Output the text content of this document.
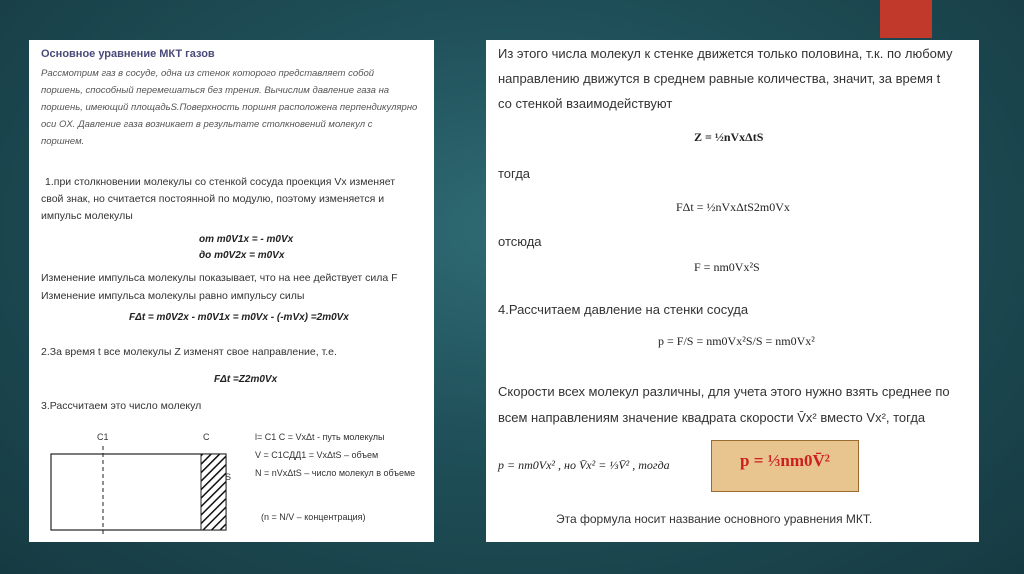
Основное уравнение МКТ газов
Рассмотрим газ в сосуде, одна из стенок которого представляет собой
поршень, способный перемешаться без трения. Вычислим давление газа на
поршень, имеющий площадьS.Поверхность поршня расположена перпендикулярно
оси OX. Давление газа возникает в результате столкновений молекул с
поршнем.
1.при столкновении молекулы со стенкой сосуда проекция Vx изменяет
свой знак, но считается постоянной по модулю, поэтому изменяется и
импульс молекулы
от m0V1x = - m0Vx
до m0V2x = m0Vx
Изменение импульса молекулы показывает, что на нее действует сила F
Изменение импульса молекулы равно импульсу силы
FΔt = m0V2x - m0V1x = m0Vx - (-mVx) =2m0Vx
2.За время t все молекулы Z изменят свое направление, т.е.
FΔt =Z2m0Vx
3.Рассчитаем это число молекул
C1	C
S
l= C1 C = VxΔt - путь молекулы
V = C1СДД1 = VxΔtS – объем
N = nVxΔtS – число молекул в объеме
(n = N/V – концентрация)
Из этого числа молекул к стенке движется только половина, т.к. по любому
направлению движутся в среднем равные количества, значит, за время t
со стенкой взаимодействуют
Z = ½nVxΔtS
тогда
FΔt = ½nVxΔtS2m0Vx
отсюда
F = nm0Vx²S
4.Рассчитаем давление на стенки сосуда
p = F/S = nm0Vx²S/S = nm0Vx²
Скорости всех молекул различны, для учета этого нужно взять среднее по
всем направлениям значение квадрата скорости V̄x² вместо Vx², тогда
p = nm0Vx² , но V̄x² = ⅓V̄² , тогда	p = ⅓nm0V̄²
Эта формула носит название основного уравнения МКТ.
